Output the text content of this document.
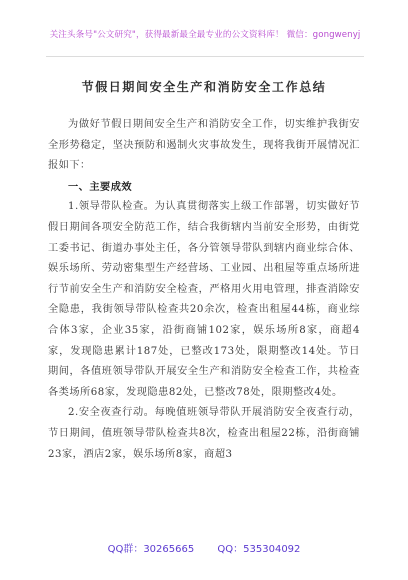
关注头条号"公文研究"，获得最新最全最专业的公文资料库！ 微信：gongwenyj
节假日期间安全生产和消防安全工作总结

为做好节假日期间安全生产和消防安全工作，切实维护我街安全形势稳定，坚决预防和遏制火灾事故发生，现将我街开展情况汇报如下：

一、主要成效

1.领导带队检查。为认真贯彻落实上级工作部署，切实做好节假日期间各项安全防范工作，结合我街辖内当前安全形势，由街党工委书记、街道办事处主任，各分管领导带队到辖内商业综合体、娱乐场所、劳动密集型生产经营场、工业园、出租屋等重点场所进行节前安全生产和消防安全检查，严格用火用电管理，排查消除安全隐患，我街领导带队检查共20余次，检查出租屋44栋，商业综合体3家，企业35家，沿街商铺102家，娱乐场所8家，商超4家，发现隐患累计187处，已整改173处，限期整改14处。节日期间，各值班领导带队开展安全生产和消防安全检查工作，共检查各类场所68家，发现隐患82处，已整改78处，限期整改4处。

2.安全夜查行动。每晚值班领导带队开展消防安全夜查行动，节日期间，值班领导带队检查共8次，检查出租屋22栋，沿街商铺23家，酒店2家，娱乐场所8家，商超3

QQ群：30265665 QQ：535304092
